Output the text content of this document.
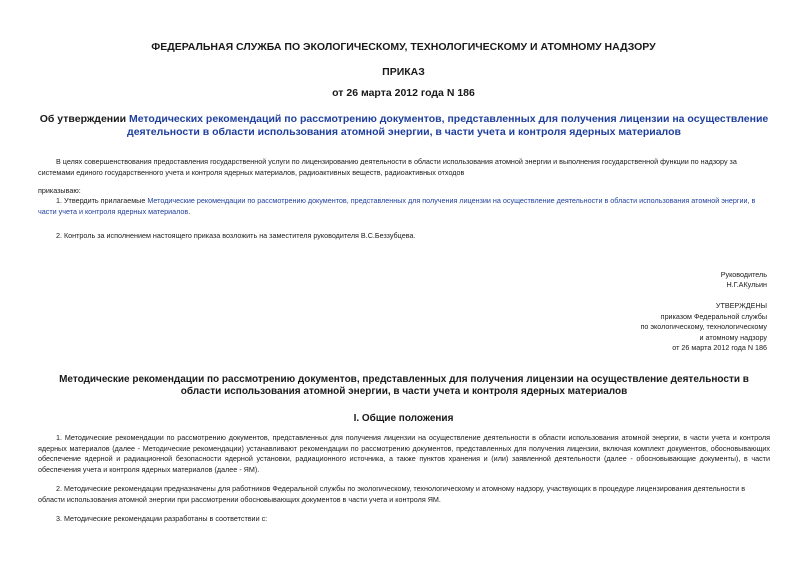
ФЕДЕРАЛЬНАЯ СЛУЖБА ПО ЭКОЛОГИЧЕСКОМУ, ТЕХНОЛОГИЧЕСКОМУ И АТОМНОМУ НАДЗОРУ
ПРИКАЗ
от 26 марта 2012 года N 186
Об утверждении Методических рекомендаций по рассмотрению документов, представленных для получения лицензии на осуществление деятельности в области использования атомной энергии, в части учета и контроля ядерных материалов
В целях совершенствования предоставления государственной услуги по лицензированию деятельности в области использования атомной энергии и выполнения государственной функции по надзору за системами единого государственного учета и контроля ядерных материалов, радиоактивных веществ, радиоактивных отходов
приказываю:
1. Утвердить прилагаемые Методические рекомендации по рассмотрению документов, представленных для получения лицензии на осуществление деятельности в области использования атомной энергии, в части учета и контроля ядерных материалов.
2. Контроль за исполнением настоящего приказа возложить на заместителя руководителя В.С.Беззубцева.
Руководитель
Н.Г.АКульин
УТВЕРЖДЕНЫ
приказом Федеральной службы
по экологическому, технологическому
и атомному надзору
от 26 марта 2012 года N 186
Методические рекомендации по рассмотрению документов, представленных для получения лицензии на осуществление деятельности в области использования атомной энергии, в части учета и контроля ядерных материалов
I. Общие положения
1. Методические рекомендации по рассмотрению документов, представленных для получения лицензии на осуществление деятельности в области использования атомной энергии, в части учета и контроля ядерных материалов (далее - Методические рекомендации) устанавливают рекомендации по рассмотрению документов, представленных для получения лицензии, включая комплект документов, обосновывающих обеспечение ядерной и радиационной безопасности ядерной установки, радиационного источника, а также пунктов хранения и (или) заявленной деятельности (далее - обосновывающие документы), в части обеспечения учета и контроля ядерных материалов (далее - ЯМ).
2. Методические рекомендации предназначены для работников Федеральной службы по экологическому, технологическому и атомному надзору, участвующих в процедуре лицензирования деятельности в области использования атомной энергии при рассмотрении обосновывающих документов в части учета и контроля ЯМ.
3. Методические рекомендации разработаны в соответствии с:
